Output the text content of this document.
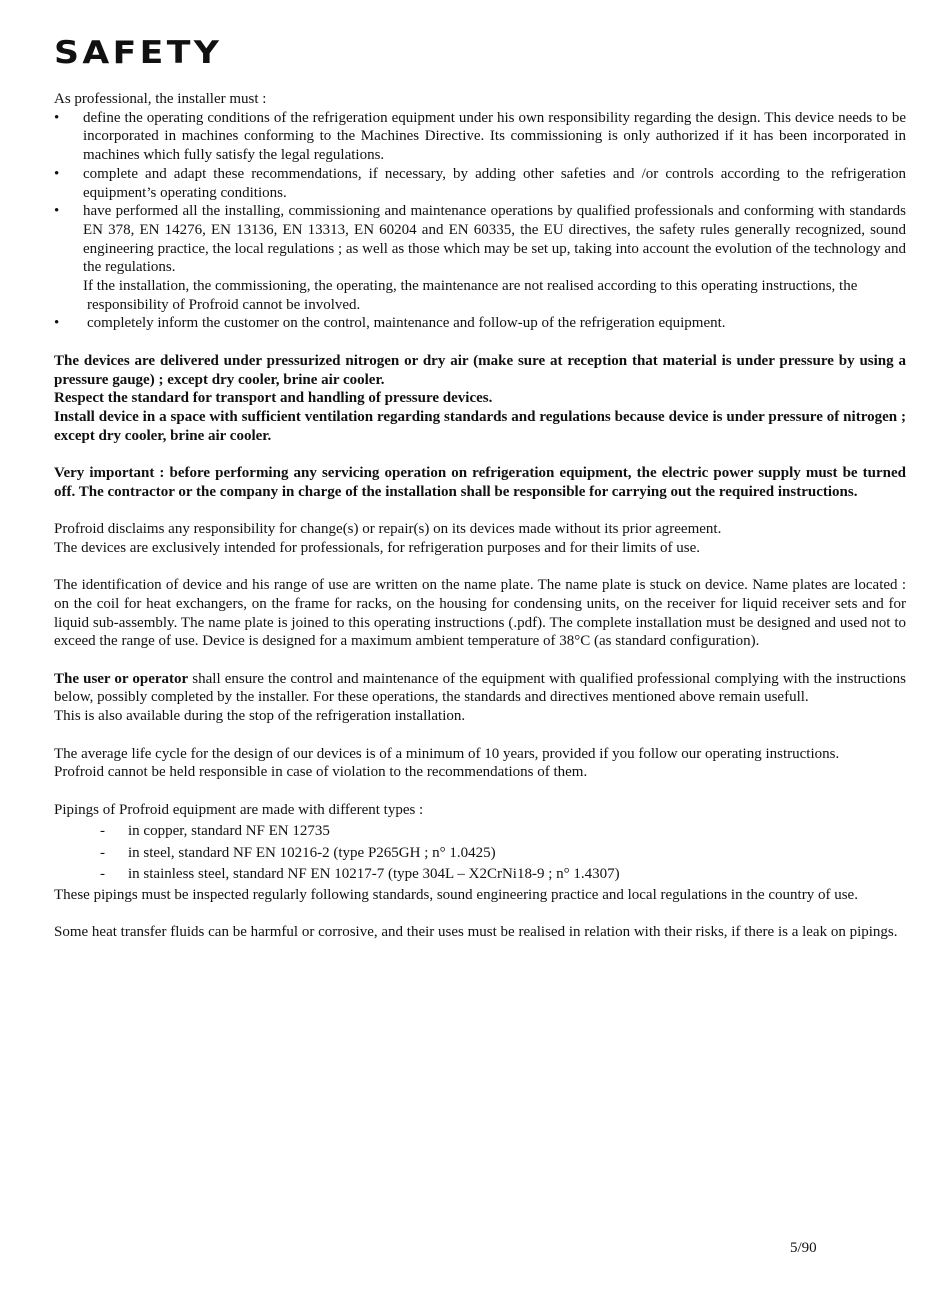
SAFETY

As professional, the installer must :

• define the operating conditions of the refrigeration equipment under his own responsibility regarding the design. This device needs to be incorporated in machines conforming to the Machines Directive. Its commissioning is only authorized if it has been incorporated in machines which fully satisfy the legal regulations.
• complete and adapt these recommendations, if necessary, by adding other safeties and /or controls according to the refrigeration equipment’s operating conditions.
• have performed all the installing, commissioning and maintenance operations by qualified professionals and conforming with standards EN 378, EN 14276, EN 13136, EN 13313, EN 60204 and EN 60335, the EU directives, the safety rules generally recognized, sound engineering practice, the local regulations ; as well as those which may be set up, taking into account the evolution of the technology and the regulations.
If the installation, the commissioning, the operating, the maintenance are not realised according to this operating instructions, the
responsibility of Profroid cannot be involved.
• completely inform the customer on the control, maintenance and follow-up of the refrigeration equipment.

The devices are delivered under pressurized nitrogen or dry air (make sure at reception that material is under pressure by using a pressure gauge) ; except dry cooler, brine air cooler.

Respect the standard for transport and handling of pressure devices.

Install device in a space with sufficient ventilation regarding standards and regulations because device is under pressure of nitrogen ; except dry cooler, brine air cooler.

Very important : before performing any servicing operation on refrigeration equipment, the electric power supply must be turned off. The contractor or the company in charge of the installation shall be responsible for carrying out the required instructions.

Profroid disclaims any responsibility for change(s) or repair(s) on its devices made without its prior agreement.

The devices are exclusively intended for professionals, for refrigeration purposes and for their limits of use.

The identification of device and his range of use are written on the name plate. The name plate is stuck on device. Name plates are located : on the coil for heat exchangers, on the frame for racks, on the housing for condensing units, on the receiver for liquid receiver sets and for liquid sub-assembly. The name plate is joined to this operating instructions (.pdf). The complete installation must be designed and used not to exceed the range of use. Device is designed for a maximum ambient temperature of 38°C (as standard configuration).

The user or operator shall ensure the control and maintenance of the equipment with qualified professional complying with the instructions below, possibly completed by the installer. For these operations, the standards and directives mentioned above remain usefull.

This is also available during the stop of the refrigeration installation.

The average life cycle for the design of our devices is of a minimum of 10 years, provided if you follow our operating instructions.

Profroid cannot be held responsible in case of violation to the recommendations of them.

Pipings of Profroid equipment are made with different types :

- in copper, standard NF EN 12735
- in steel, standard NF EN 10216-2 (type P265GH ; n° 1.0425)
- in stainless steel, standard NF EN 10217-7 (type 304L – X2CrNi18-9 ; n° 1.4307)

These pipings must be inspected regularly following standards, sound engineering practice and local regulations in the country of use.

Some heat transfer fluids can be harmful or corrosive, and their uses must be realised in relation with their risks, if there is a leak on pipings.

5/90
